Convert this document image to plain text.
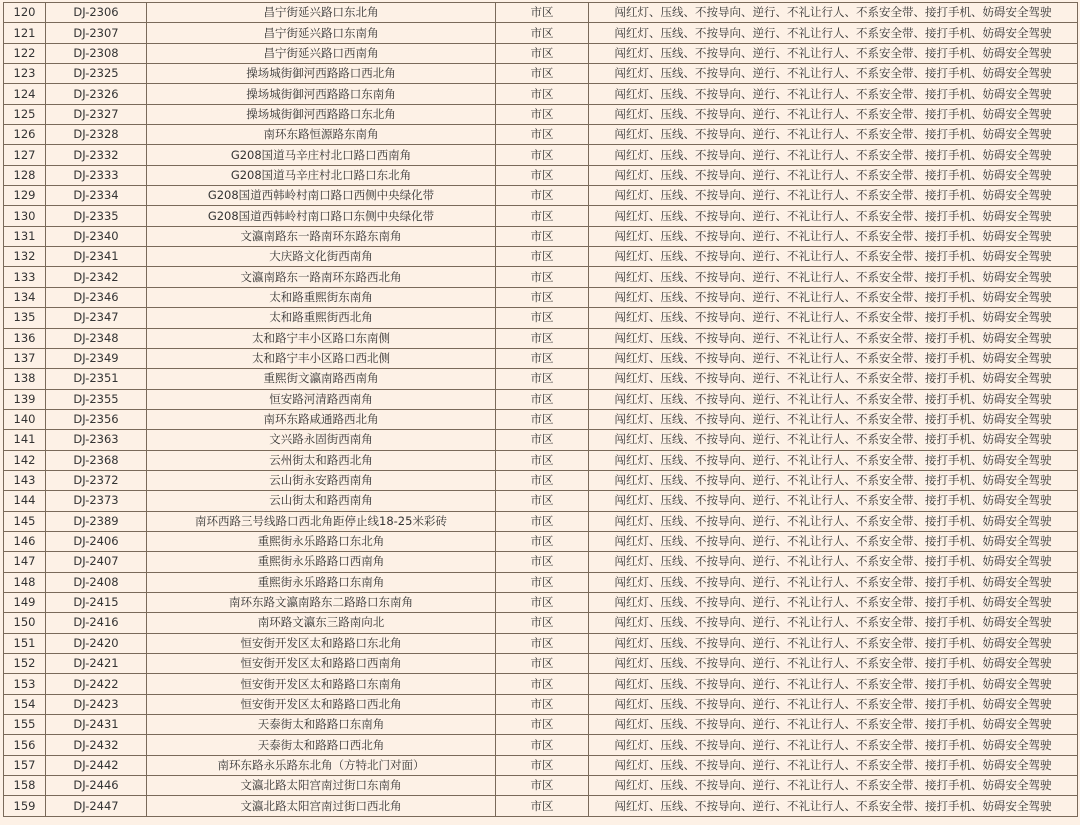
120	DJ-2306	昌宁街延兴路口东北角	市区	闯红灯、压线、不按导向、逆行、不礼让行人、不系安全带、接打手机、妨碍安全驾驶
121	DJ-2307	昌宁街延兴路口东南角	市区	闯红灯、压线、不按导向、逆行、不礼让行人、不系安全带、接打手机、妨碍安全驾驶
122	DJ-2308	昌宁街延兴路口西南角	市区	闯红灯、压线、不按导向、逆行、不礼让行人、不系安全带、接打手机、妨碍安全驾驶
123	DJ-2325	操场城街御河西路路口西北角	市区	闯红灯、压线、不按导向、逆行、不礼让行人、不系安全带、接打手机、妨碍安全驾驶
124	DJ-2326	操场城街御河西路路口东南角	市区	闯红灯、压线、不按导向、逆行、不礼让行人、不系安全带、接打手机、妨碍安全驾驶
125	DJ-2327	操场城街御河西路路口东北角	市区	闯红灯、压线、不按导向、逆行、不礼让行人、不系安全带、接打手机、妨碍安全驾驶
126	DJ-2328	南环东路恒源路东南角	市区	闯红灯、压线、不按导向、逆行、不礼让行人、不系安全带、接打手机、妨碍安全驾驶
127	DJ-2332	G208国道马辛庄村北口路口西南角	市区	闯红灯、压线、不按导向、逆行、不礼让行人、不系安全带、接打手机、妨碍安全驾驶
128	DJ-2333	G208国道马辛庄村北口路口东北角	市区	闯红灯、压线、不按导向、逆行、不礼让行人、不系安全带、接打手机、妨碍安全驾驶
129	DJ-2334	G208国道西韩岭村南口路口西侧中央绿化带	市区	闯红灯、压线、不按导向、逆行、不礼让行人、不系安全带、接打手机、妨碍安全驾驶
130	DJ-2335	G208国道西韩岭村南口路口东侧中央绿化带	市区	闯红灯、压线、不按导向、逆行、不礼让行人、不系安全带、接打手机、妨碍安全驾驶
131	DJ-2340	文瀛南路东一路南环东路东南角	市区	闯红灯、压线、不按导向、逆行、不礼让行人、不系安全带、接打手机、妨碍安全驾驶
132	DJ-2341	大庆路文化街西南角	市区	闯红灯、压线、不按导向、逆行、不礼让行人、不系安全带、接打手机、妨碍安全驾驶
133	DJ-2342	文瀛南路东一路南环东路西北角	市区	闯红灯、压线、不按导向、逆行、不礼让行人、不系安全带、接打手机、妨碍安全驾驶
134	DJ-2346	太和路重熙街东南角	市区	闯红灯、压线、不按导向、逆行、不礼让行人、不系安全带、接打手机、妨碍安全驾驶
135	DJ-2347	太和路重熙街西北角	市区	闯红灯、压线、不按导向、逆行、不礼让行人、不系安全带、接打手机、妨碍安全驾驶
136	DJ-2348	太和路宁丰小区路口东南侧	市区	闯红灯、压线、不按导向、逆行、不礼让行人、不系安全带、接打手机、妨碍安全驾驶
137	DJ-2349	太和路宁丰小区路口西北侧	市区	闯红灯、压线、不按导向、逆行、不礼让行人、不系安全带、接打手机、妨碍安全驾驶
138	DJ-2351	重熙街文瀛南路西南角	市区	闯红灯、压线、不按导向、逆行、不礼让行人、不系安全带、接打手机、妨碍安全驾驶
139	DJ-2355	恒安路河清路西南角	市区	闯红灯、压线、不按导向、逆行、不礼让行人、不系安全带、接打手机、妨碍安全驾驶
140	DJ-2356	南环东路咸通路西北角	市区	闯红灯、压线、不按导向、逆行、不礼让行人、不系安全带、接打手机、妨碍安全驾驶
141	DJ-2363	文兴路永固街西南角	市区	闯红灯、压线、不按导向、逆行、不礼让行人、不系安全带、接打手机、妨碍安全驾驶
142	DJ-2368	云州街太和路西北角	市区	闯红灯、压线、不按导向、逆行、不礼让行人、不系安全带、接打手机、妨碍安全驾驶
143	DJ-2372	云山街永安路西南角	市区	闯红灯、压线、不按导向、逆行、不礼让行人、不系安全带、接打手机、妨碍安全驾驶
144	DJ-2373	云山街太和路西南角	市区	闯红灯、压线、不按导向、逆行、不礼让行人、不系安全带、接打手机、妨碍安全驾驶
145	DJ-2389	南环西路三号线路口西北角距停止线18-25米彩砖	市区	闯红灯、压线、不按导向、逆行、不礼让行人、不系安全带、接打手机、妨碍安全驾驶
146	DJ-2406	重熙街永乐路路口东北角	市区	闯红灯、压线、不按导向、逆行、不礼让行人、不系安全带、接打手机、妨碍安全驾驶
147	DJ-2407	重熙街永乐路路口西南角	市区	闯红灯、压线、不按导向、逆行、不礼让行人、不系安全带、接打手机、妨碍安全驾驶
148	DJ-2408	重熙街永乐路路口东南角	市区	闯红灯、压线、不按导向、逆行、不礼让行人、不系安全带、接打手机、妨碍安全驾驶
149	DJ-2415	南环东路文瀛南路东二路路口东南角	市区	闯红灯、压线、不按导向、逆行、不礼让行人、不系安全带、接打手机、妨碍安全驾驶
150	DJ-2416	南环路文瀛东三路南向北	市区	闯红灯、压线、不按导向、逆行、不礼让行人、不系安全带、接打手机、妨碍安全驾驶
151	DJ-2420	恒安街开发区太和路路口东北角	市区	闯红灯、压线、不按导向、逆行、不礼让行人、不系安全带、接打手机、妨碍安全驾驶
152	DJ-2421	恒安街开发区太和路路口西南角	市区	闯红灯、压线、不按导向、逆行、不礼让行人、不系安全带、接打手机、妨碍安全驾驶
153	DJ-2422	恒安街开发区太和路路口东南角	市区	闯红灯、压线、不按导向、逆行、不礼让行人、不系安全带、接打手机、妨碍安全驾驶
154	DJ-2423	恒安街开发区太和路路口西北角	市区	闯红灯、压线、不按导向、逆行、不礼让行人、不系安全带、接打手机、妨碍安全驾驶
155	DJ-2431	天泰街太和路路口东南角	市区	闯红灯、压线、不按导向、逆行、不礼让行人、不系安全带、接打手机、妨碍安全驾驶
156	DJ-2432	天泰街太和路路口西北角	市区	闯红灯、压线、不按导向、逆行、不礼让行人、不系安全带、接打手机、妨碍安全驾驶
157	DJ-2442	南环东路永乐路东北角（方特北门对面）	市区	闯红灯、压线、不按导向、逆行、不礼让行人、不系安全带、接打手机、妨碍安全驾驶
158	DJ-2446	文瀛北路太阳宫南过街口东南角	市区	闯红灯、压线、不按导向、逆行、不礼让行人、不系安全带、接打手机、妨碍安全驾驶
159	DJ-2447	文瀛北路太阳宫南过街口西北角	市区	闯红灯、压线、不按导向、逆行、不礼让行人、不系安全带、接打手机、妨碍安全驾驶
